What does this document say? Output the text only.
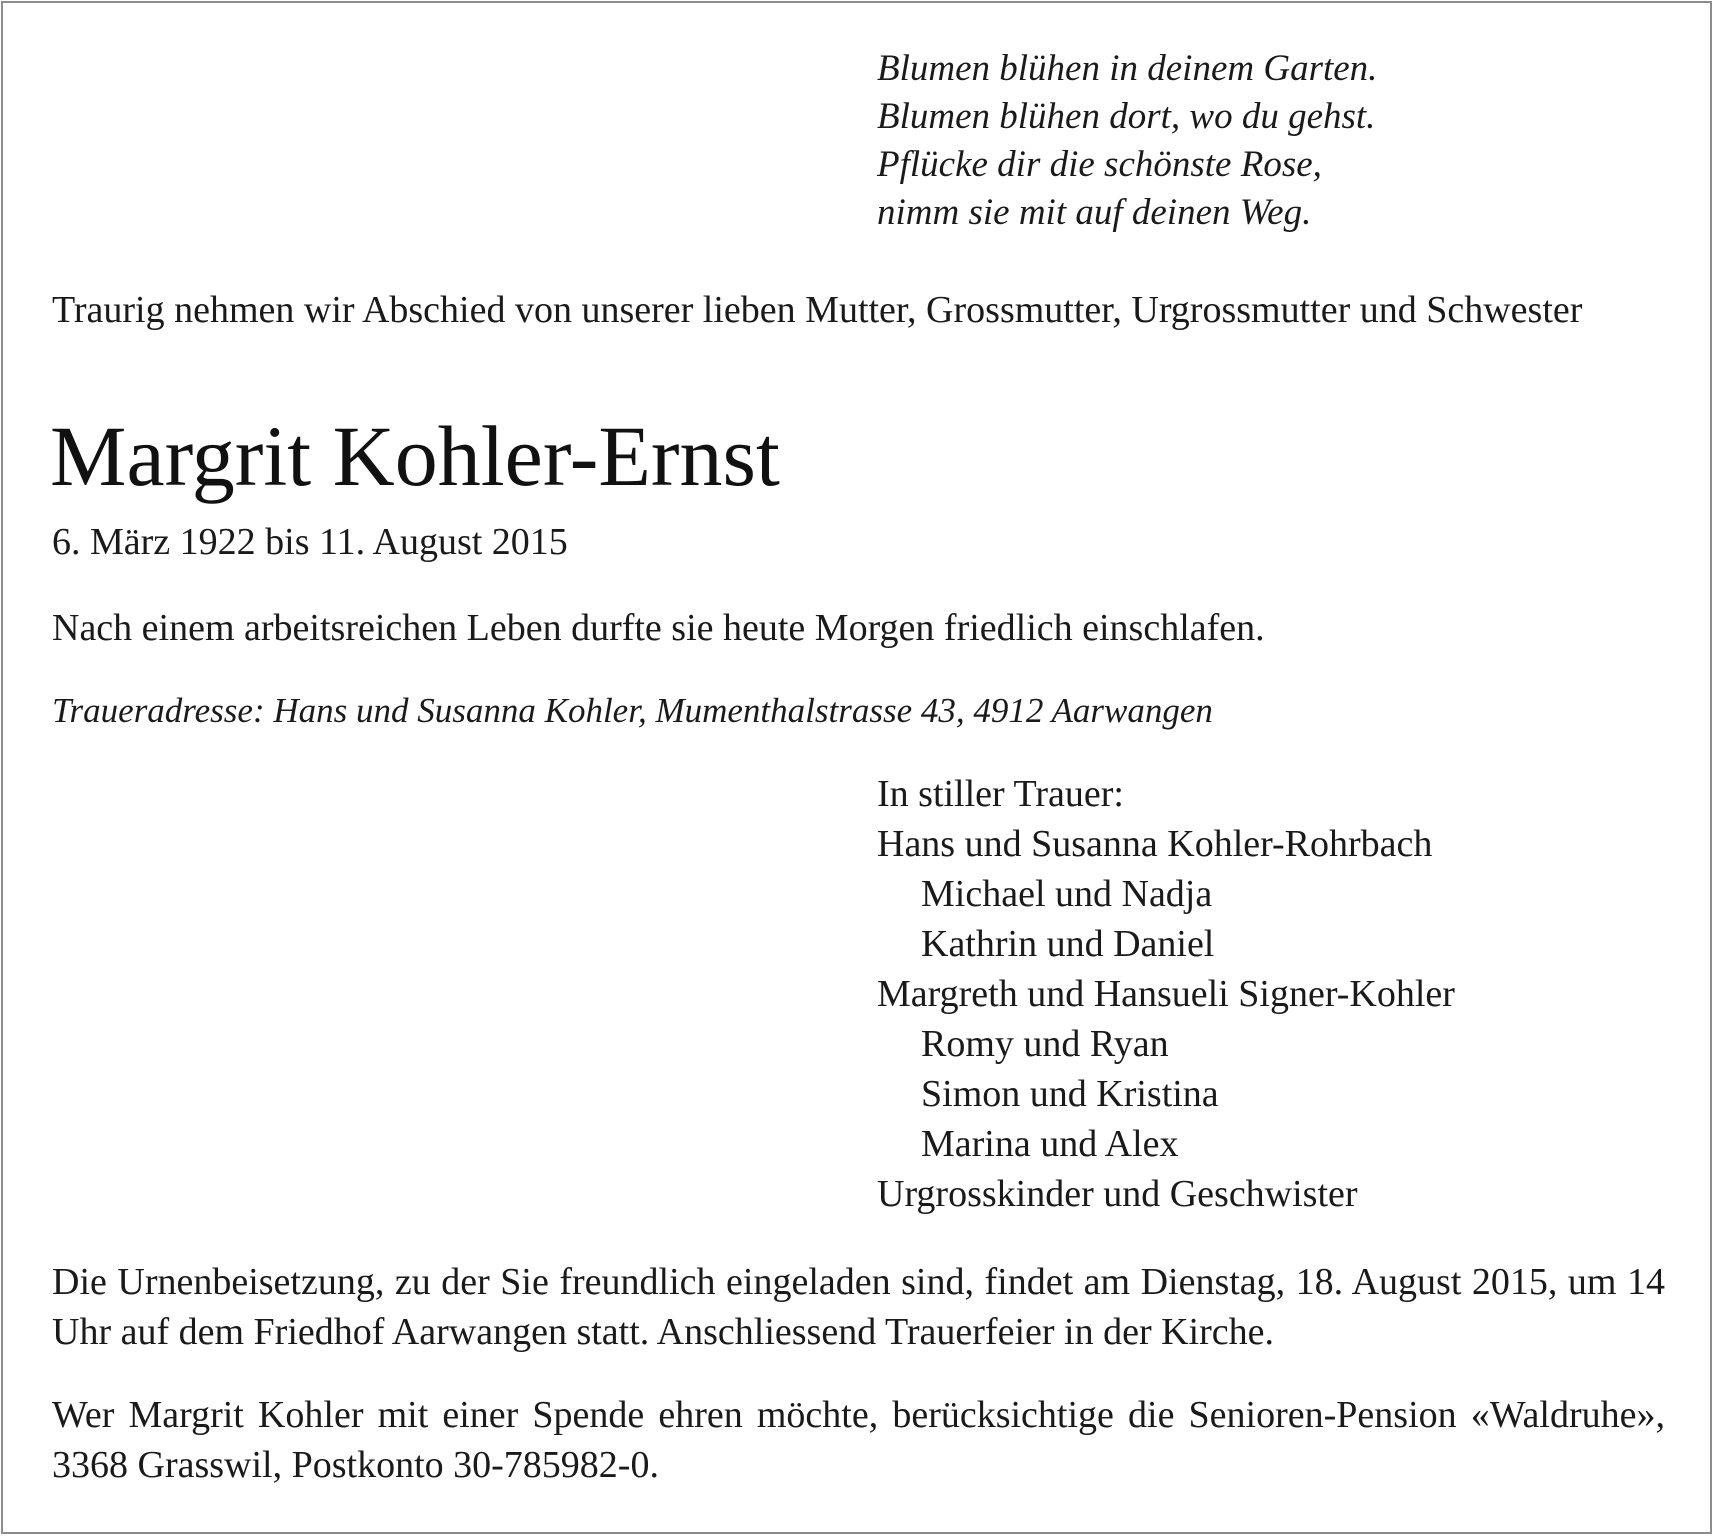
Blumen blühen in deinem Garten.
Blumen blühen dort, wo du gehst.
Pflücke dir die schönste Rose,
nimm sie mit auf deinen Weg.

Traurig nehmen wir Abschied von unserer lieben Mutter, Grossmutter, Urgrossmutter und Schwester

Margrit Kohler-Ernst
6. März 1922 bis 11. August 2015
Nach einem arbeitsreichen Leben durfte sie heute Morgen friedlich einschlafen.
Traueradresse: Hans und Susanna Kohler, Mumenthalstrasse 43, 4912 Aarwangen
In stiller Trauer:
Hans und Susanna Kohler-Rohrbach
Michael und Nadja
Kathrin und Daniel
Margreth und Hansueli Signer-Kohler
Romy und Ryan
Simon und Kristina
Marina und Alex
Urgrosskinder und Geschwister

Die Urnenbeisetzung, zu der Sie freundlich eingeladen sind, findet am Dienstag, 18. August 2015, um 14 Uhr auf dem Friedhof Aarwangen statt. Anschliessend Trauerfeier in der Kirche.

Wer Margrit Kohler mit einer Spende ehren möchte, berücksichtige die Senioren-Pension «Waldruhe», 3368 Grasswil, Postkonto 30-785982-0.
